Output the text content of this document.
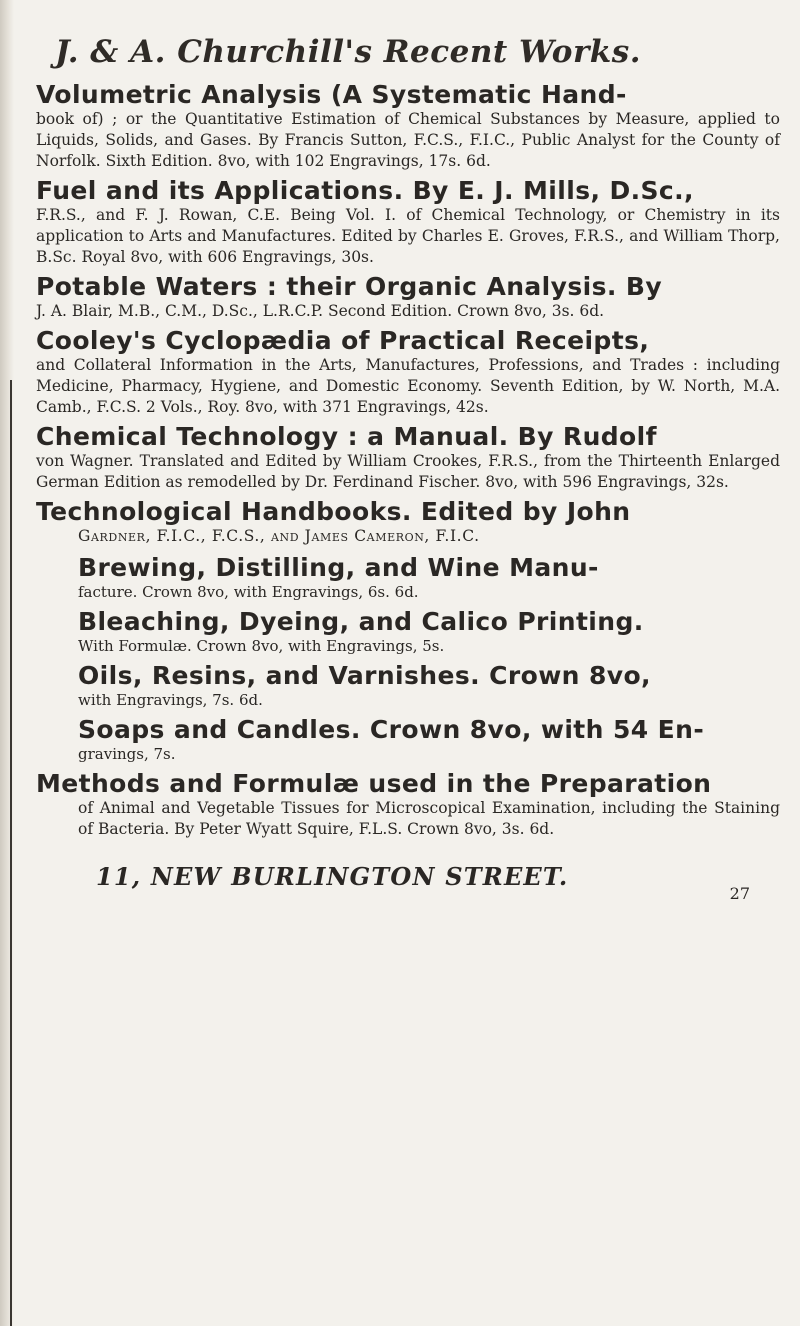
J. & A. Churchill's Recent Works.

Volumetric Analysis (A Systematic Hand-
book of) ; or the Quantitative Estimation of Chemical Substances by Measure, applied to Liquids, Solids, and Gases. By Francis Sutton, F.C.S., F.I.C., Public Analyst for the County of Norfolk. Sixth Edition. 8vo, with 102 Engravings, 17s. 6d.

Fuel and its Applications. By E. J. Mills, D.Sc.,
F.R.S., and F. J. Rowan, C.E. Being Vol. I. of Chemical Technology, or Chemistry in its application to Arts and Manufactures. Edited by Charles E. Groves, F.R.S., and William Thorp, B.Sc. Royal 8vo, with 606 Engravings, 30s.

Potable Waters : their Organic Analysis. By
J. A. Blair, M.B., C.M., D.Sc., L.R.C.P. Second Edition. Crown 8vo, 3s. 6d.

Cooley's Cyclopædia of Practical Receipts,
and Collateral Information in the Arts, Manufactures, Professions, and Trades : including Medicine, Pharmacy, Hygiene, and Domestic Economy. Seventh Edition, by W. North, M.A. Camb., F.C.S. 2 Vols., Roy. 8vo, with 371 Engravings, 42s.

Chemical Technology : a Manual. By Rudolf
von Wagner. Translated and Edited by William Crookes, F.R.S., from the Thirteenth Enlarged German Edition as remodelled by Dr. Ferdinand Fischer. 8vo, with 596 Engravings, 32s.

Technological Handbooks. Edited by John
Gardner, F.I.C., F.C.S., and James Cameron, F.I.C.

Brewing, Distilling, and Wine Manu-
facture. Crown 8vo, with Engravings, 6s. 6d.

Bleaching, Dyeing, and Calico Printing.
With Formulæ. Crown 8vo, with Engravings, 5s.

Oils, Resins, and Varnishes. Crown 8vo,
with Engravings, 7s. 6d.

Soaps and Candles. Crown 8vo, with 54 En-
gravings, 7s.

Methods and Formulæ used in the Preparation
of Animal and Vegetable Tissues for Microscopical Examination, including the Staining of Bacteria. By Peter Wyatt Squire, F.L.S. Crown 8vo, 3s. 6d.

11, NEW BURLINGTON STREET.
27
